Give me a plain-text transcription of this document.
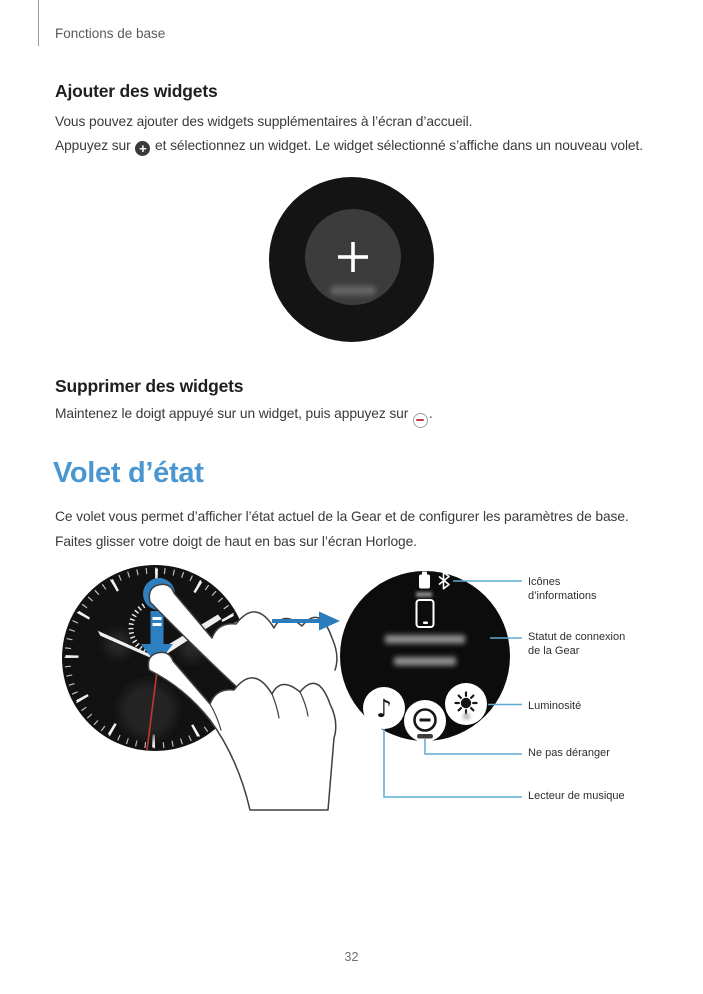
Fonctions de base
Ajouter des widgets
Vous pouvez ajouter des widgets supplémentaires à l’écran d’accueil.
Appuyez sur + et sélectionnez un widget. Le widget sélectionné s’affiche dans un nouveau volet.
Supprimer des widgets
Maintenez le doigt appuyé sur un widget, puis appuyez sur
.
Volet d’état
Ce volet vous permet d’afficher l’état actuel de la Gear et de configurer les paramètres de base.
Faites glisser votre doigt de haut en bas sur l’écran Horloge.
♪
Icônes
d’informations
Statut de connexion
de la Gear
Luminosité
Ne pas déranger
Lecteur de musique
32
